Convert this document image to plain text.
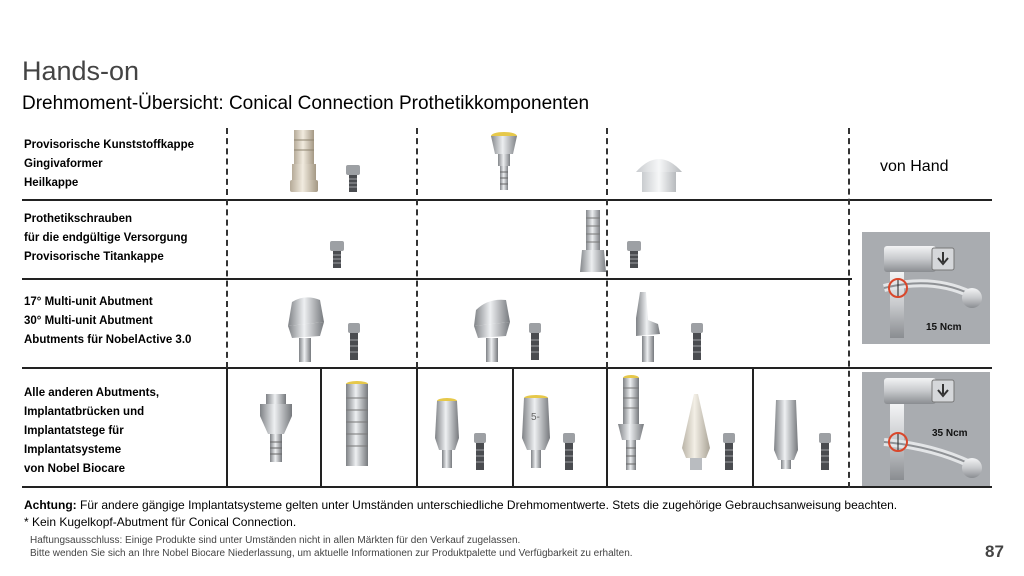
Hands-on
Drehmoment-Übersicht: Conical Connection Prothetikkomponenten
Provisorische Kunststoffkappe
Gingivaformer
Heilkappe
Prothetikschrauben
für die endgültige Versorgung
Provisorische Titankappe
17° Multi-unit Abutment
30° Multi-unit Abutment
Abutments für NobelActive 3.0
Alle anderen Abutments,
Implantatbrücken und
Implantatstege für
Implantatsysteme
von Nobel Biocare
von Hand
5-
15 Ncm
35 Ncm
Achtung: Für andere gängige Implantatsysteme gelten unter Umständen unterschiedliche Drehmomentwerte. Stets die zugehörige Gebrauchsanweisung beachten.
* Kein Kugelkopf-Abutment für Conical Connection.
Haftungsausschluss: Einige Produkte sind unter Umständen nicht in allen Märkten für den Verkauf zugelassen.
Bitte wenden Sie sich an Ihre Nobel Biocare Niederlassung, um aktuelle Informationen zur Produktpalette und Verfügbarkeit zu erhalten.	87
